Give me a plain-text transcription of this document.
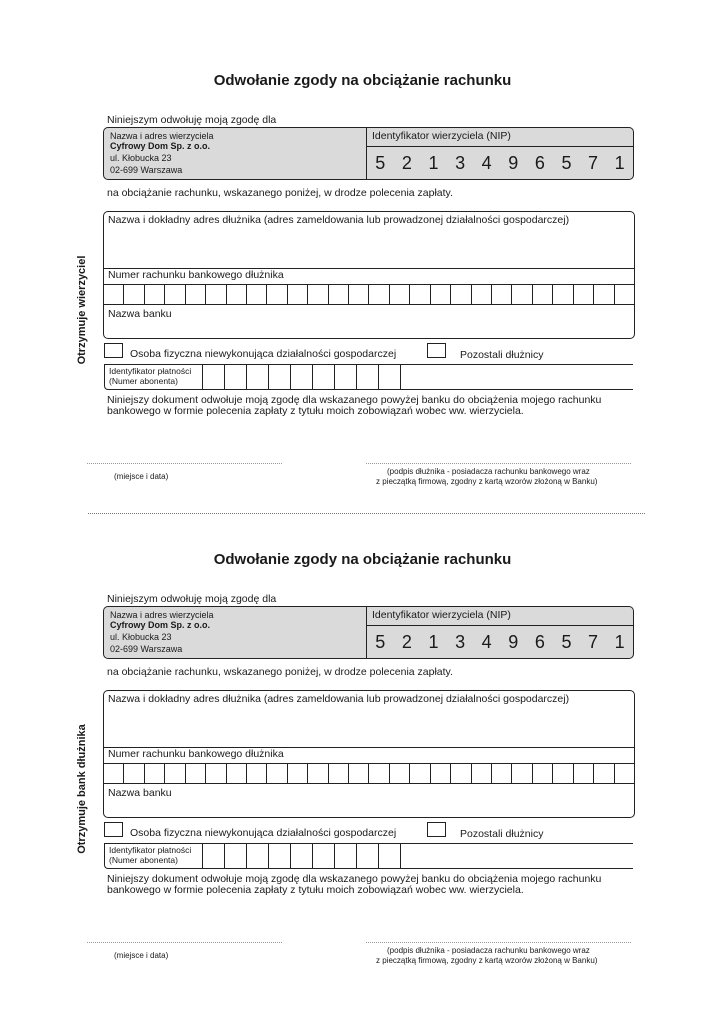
Odwołanie zgody na obciążanie rachunku
Niniejszym odwołuję moją zgodę dla
Nazwa i adres wierzyciela
Cyfrowy Dom Sp. z o.o.
ul. Kłobucka 23
02-699 Warszawa
Identyfikator wierzyciela (NIP)
5 2 1 3 4 9 6 5 7 1
na obciążanie rachunku, wskazanego poniżej, w drodze polecenia zapłaty.
Nazwa i dokładny adres dłużnika (adres zameldowania lub prowadzonej działalności gospodarczej)
Numer rachunku bankowego dłużnika
Nazwa banku
Osoba fizyczna niewykonująca działalności gospodarczej	Pozostali dłużnicy
Identyfikator płatności
(Numer abonenta)
Niniejszy dokument odwołuje moją zgodę dla wskazanego powyżej banku do obciążenia mojego rachunku bankowego w formie polecenia zapłaty z tytułu moich zobowiązań wobec ww. wierzyciela.
(miejsce i data)
(podpis dłużnika - posiadacza rachunku bankowego wraz
z pieczątką firmową, zgodny z kartą wzorów złożoną w Banku)
Otrzymuje wierzyciel
Odwołanie zgody na obciążanie rachunku
Niniejszym odwołuję moją zgodę dla
Nazwa i adres wierzyciela
Cyfrowy Dom Sp. z o.o.
ul. Kłobucka 23
02-699 Warszawa
Identyfikator wierzyciela (NIP)
5 2 1 3 4 9 6 5 7 1
na obciążanie rachunku, wskazanego poniżej, w drodze polecenia zapłaty.
Nazwa i dokładny adres dłużnika (adres zameldowania lub prowadzonej działalności gospodarczej)
Numer rachunku bankowego dłużnika
Nazwa banku
Osoba fizyczna niewykonująca działalności gospodarczej	Pozostali dłużnicy
Identyfikator płatności
(Numer abonenta)
Niniejszy dokument odwołuje moją zgodę dla wskazanego powyżej banku do obciążenia mojego rachunku bankowego w formie polecenia zapłaty z tytułu moich zobowiązań wobec ww. wierzyciela.
(miejsce i data)
(podpis dłużnika - posiadacza rachunku bankowego wraz
z pieczątką firmową, zgodny z kartą wzorów złożoną w Banku)
Otrzymuje bank dłużnika
